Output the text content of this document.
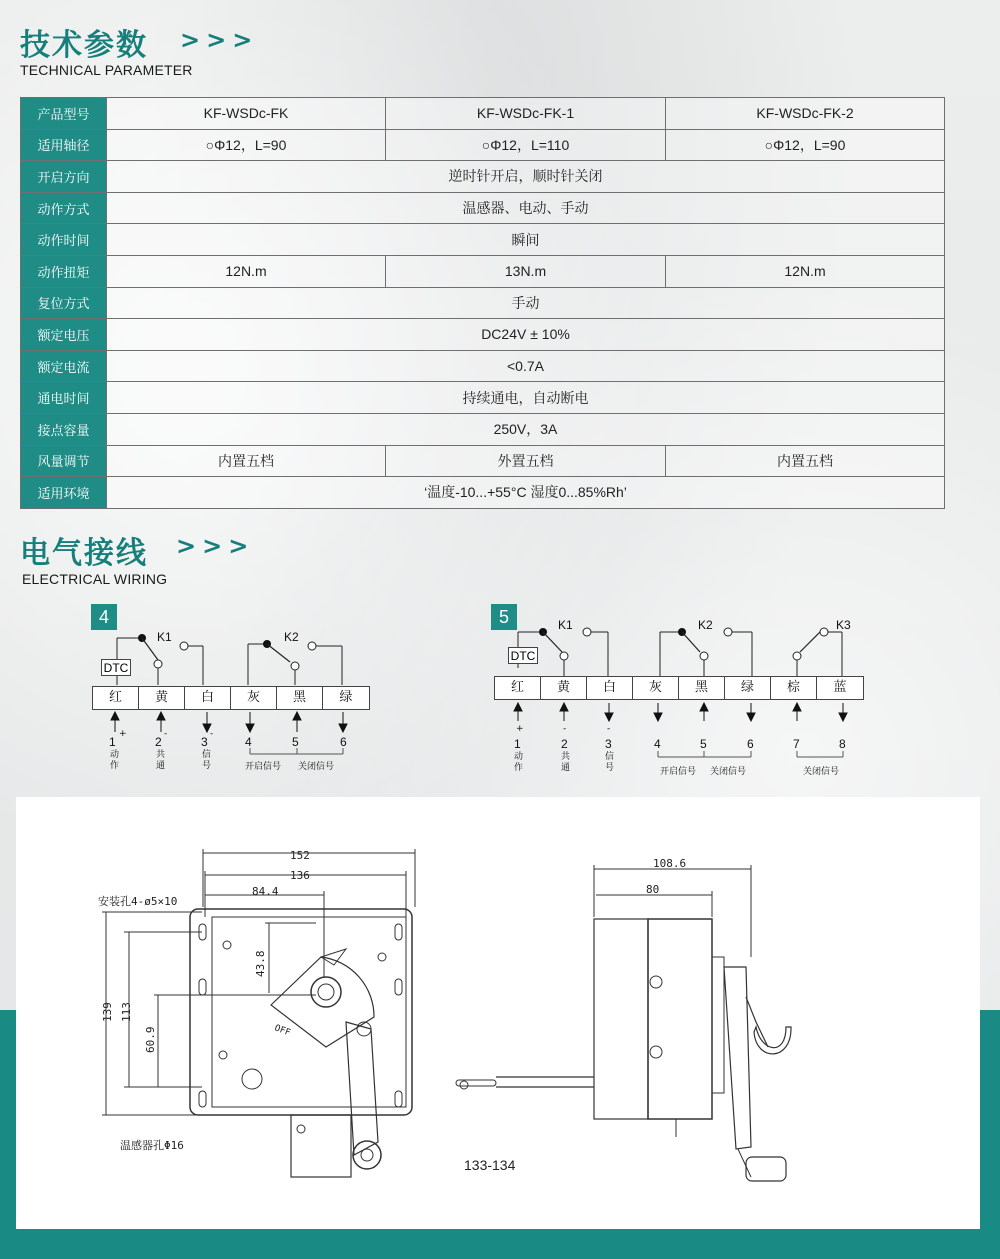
技术参数 >>>
TECHNICAL PARAMETER
产品型号	KF-WSDc-FK	KF-WSDc-FK-1	KF-WSDc-FK-2
适用轴径	○Φ12，L=90	○Φ12，L=110	○Φ12，L=90
开启方向	逆时针开启，顺时针关闭		
动作方式	温感器、电动、手动		
动作时间	瞬间		
动作扭矩	12N.m	13N.m	12N.m
复位方式	手动		
额定电压	DC24V ± 10%		
额定电流	<0.7A		
通电时间	持续通电，自动断电		
接点容量	250V，3A		
风量调节	内置五档	外置五档	内置五档
适用环境	‘温度-10...+55°C 湿度0...85%Rh’		
电气接线 >>>
ELECTRICAL WIRING
4
K1	K2
DTC
红	黄	白	灰	黑	绿
1
+
2
-
3
-
4	5	6
动作
共通
信号	开启信号 关闭信号
5	K1	K2	K3
DTC
红	黄	白	灰	黑	绿	棕	蓝
+	-	-
1	2	3	4	5	6	7	8
动作
共通
信号	开启信号 关闭信号	关闭信号
152
136
84.4
安装孔4-ø5×10
139 113
60.9
43.8
温感器孔Φ16
108.6
80
133-134
OFF
